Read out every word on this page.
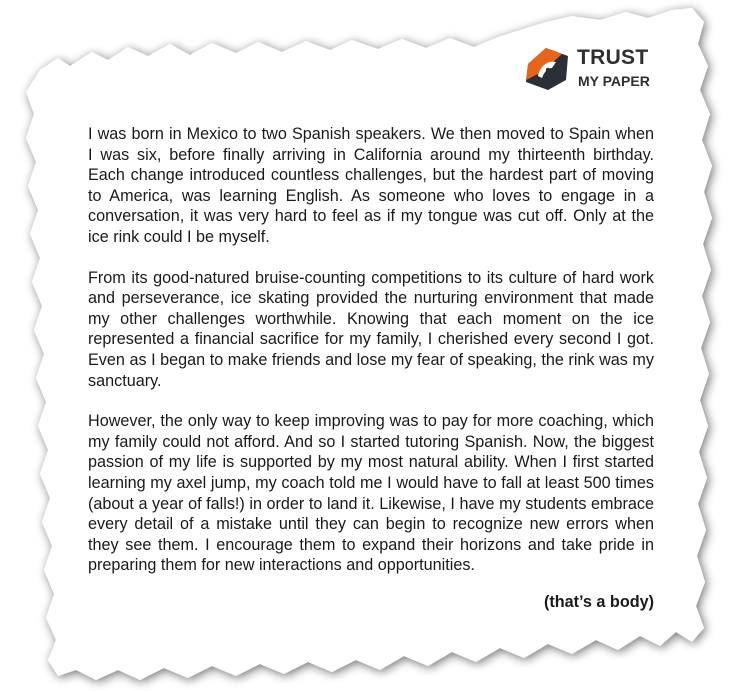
TRUST

MY PAPER

I was born in Mexico to two Spanish speakers. We then moved to Spain when I was six, before finally arriving in California around my thirteenth birthday. Each change introduced countless challenges, but the hardest part of moving to America, was learning English. As someone who loves to engage in a conversation, it was very hard to feel as if my tongue was cut off. Only at the ice rink could I be myself.

From its good-natured bruise-counting competitions to its culture of hard work and perseverance, ice skating provided the nurturing environment that made my other challenges worthwhile. Knowing that each moment on the ice represented a financial sacrifice for my family, I cherished every second I got. Even as I began to make friends and lose my fear of speaking, the rink was my sanctuary.

However, the only way to keep improving was to pay for more coaching, which my family could not afford. And so I started tutoring Spanish. Now, the biggest passion of my life is supported by my most natural ability. When I first started learning my axel jump, my coach told me I would have to fall at least 500 times (about a year of falls!) in order to land it. Likewise, I have my students embrace every detail of a mistake until they can begin to recognize new errors when they see them. I encourage them to expand their horizons and take pride in preparing them for new interactions and opportunities.

(that’s a body)
